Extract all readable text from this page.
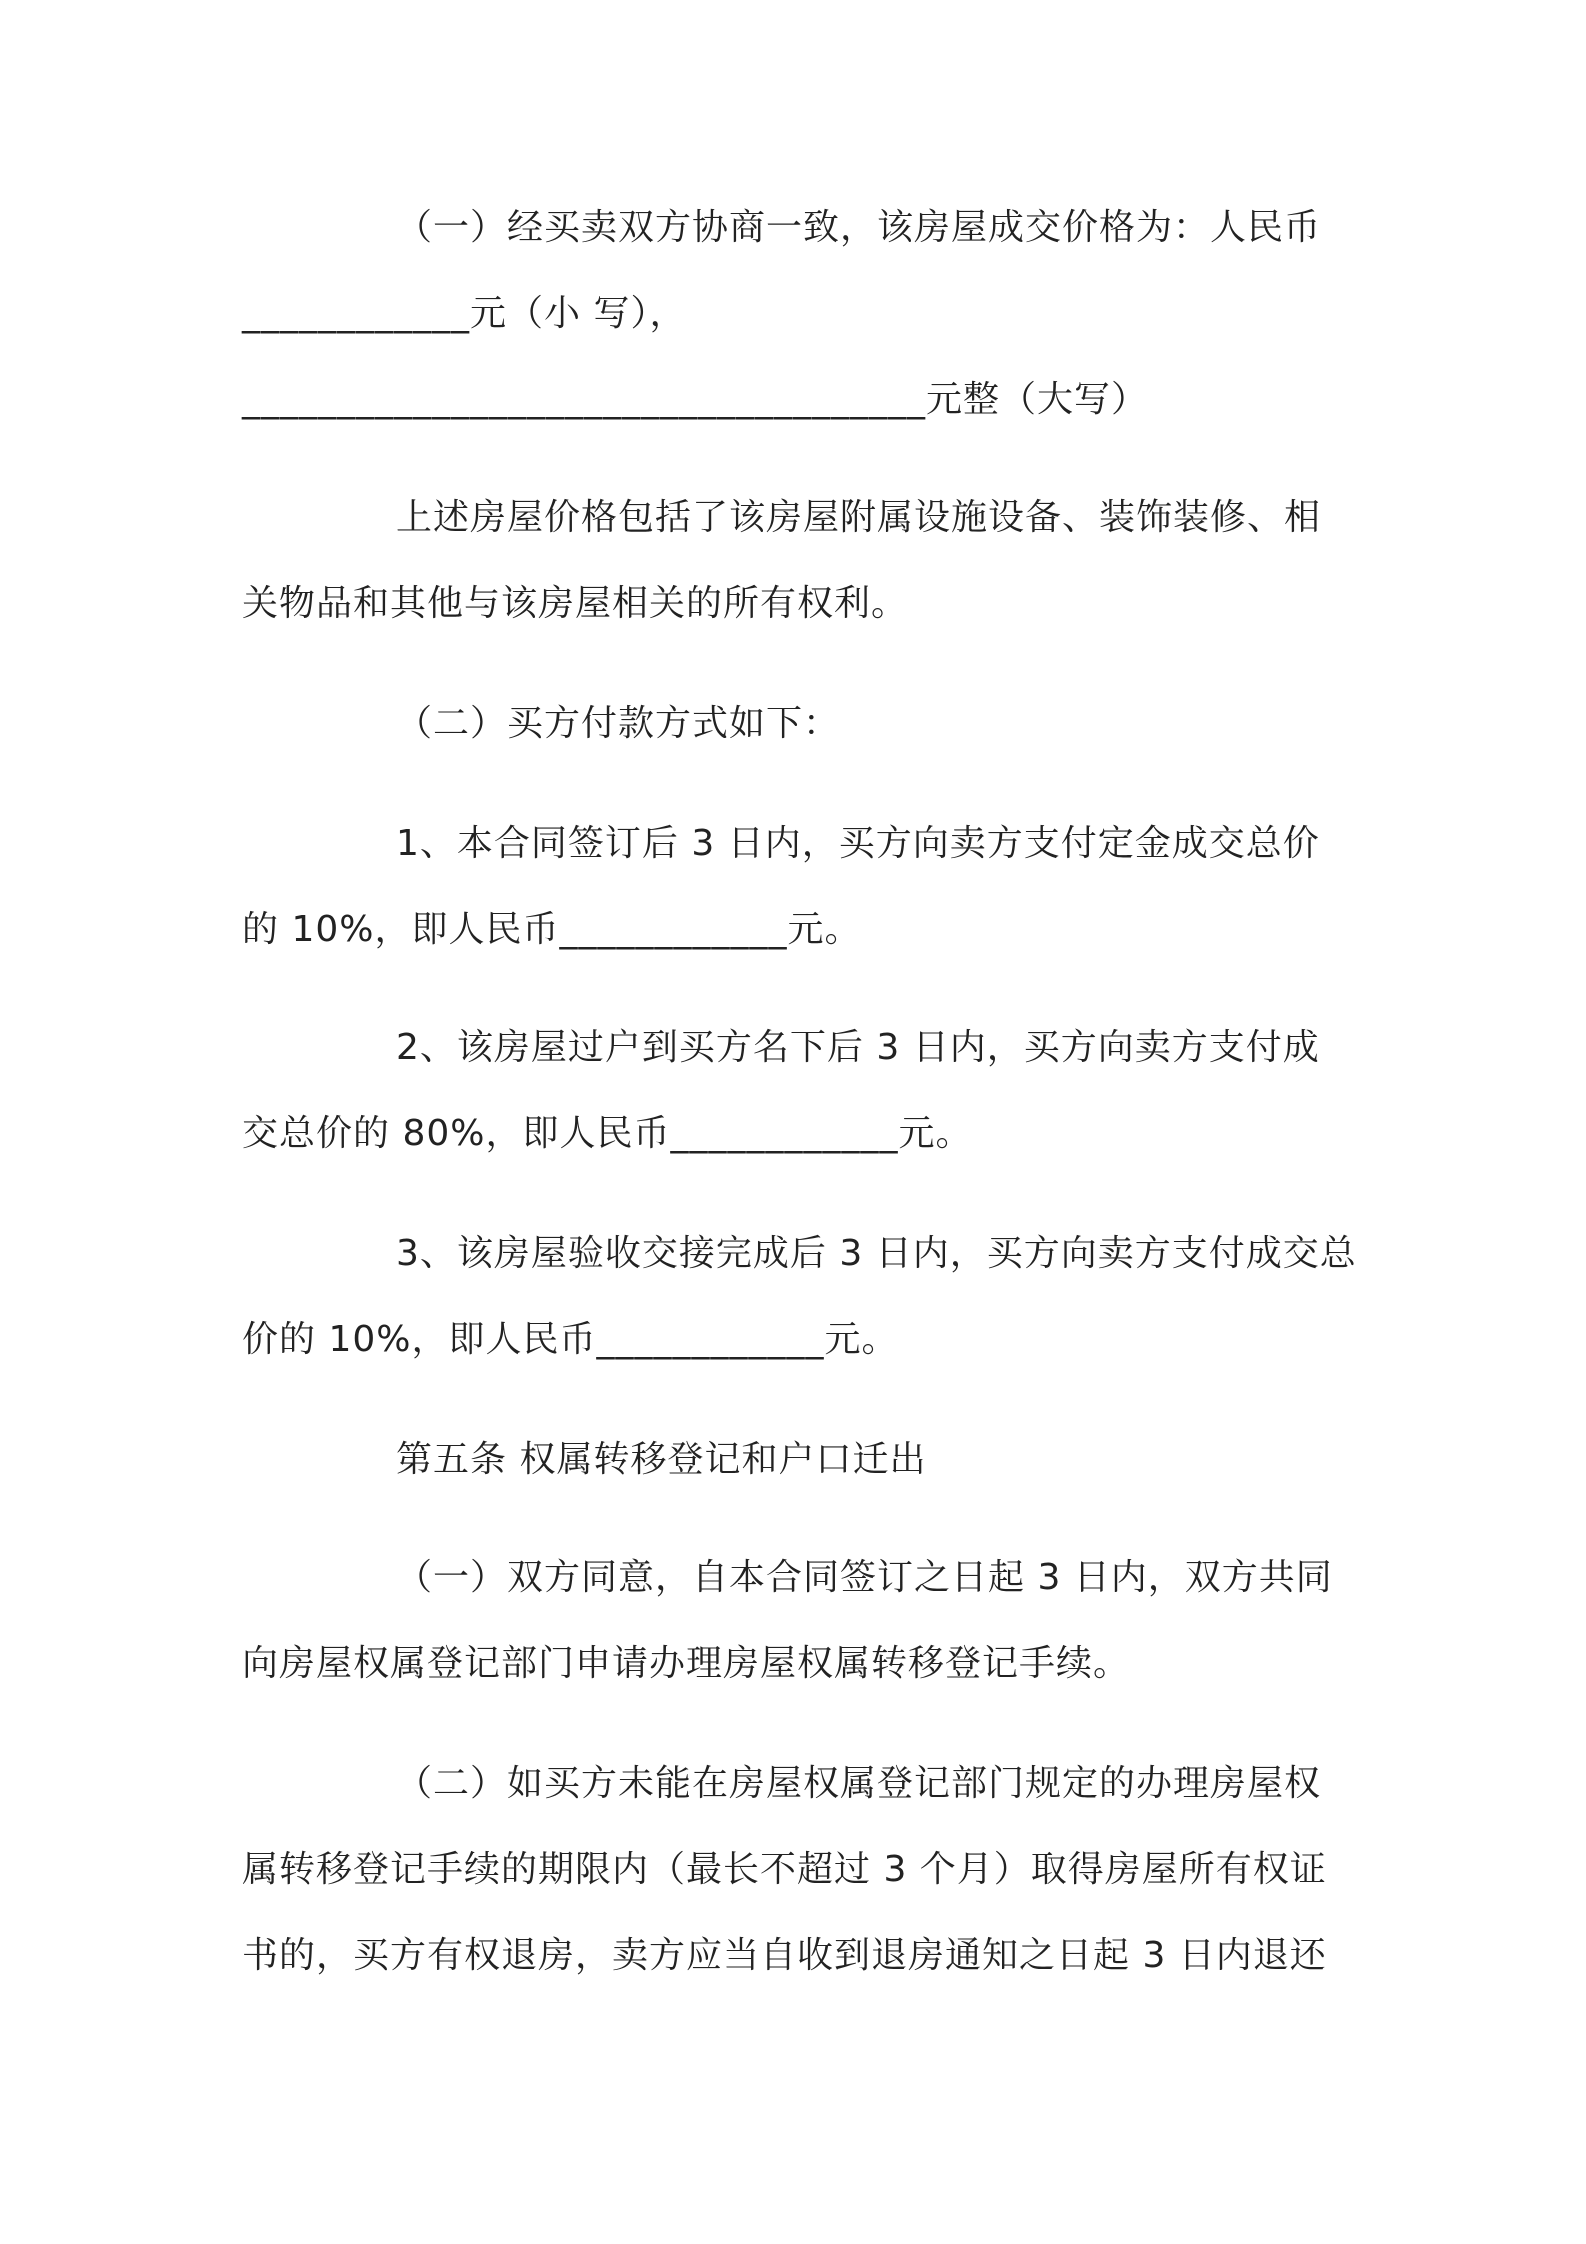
（一）经买卖双方协商一致，该房屋成交价格为：人民币
____________元（小 写），
____________________________________元整（大写）
上述房屋价格包括了该房屋附属设施设备、装饰装修、相
关物品和其他与该房屋相关的所有权利。
（二）买方付款方式如下：
1、本合同签订后 3 日内，买方向卖方支付定金成交总价
的 10%，即人民币____________元。
2、该房屋过户到买方名下后 3 日内，买方向卖方支付成
交总价的 80%，即人民币____________元。
3、该房屋验收交接完成后 3 日内，买方向卖方支付成交总
价的 10%，即人民币____________元。
第五条 权属转移登记和户口迁出
（一）双方同意，自本合同签订之日起 3 日内，双方共同
向房屋权属登记部门申请办理房屋权属转移登记手续。
（二）如买方未能在房屋权属登记部门规定的办理房屋权
属转移登记手续的期限内（最长不超过 3 个月）取得房屋所有权证
书的，买方有权退房，卖方应当自收到退房通知之日起 3 日内退还
